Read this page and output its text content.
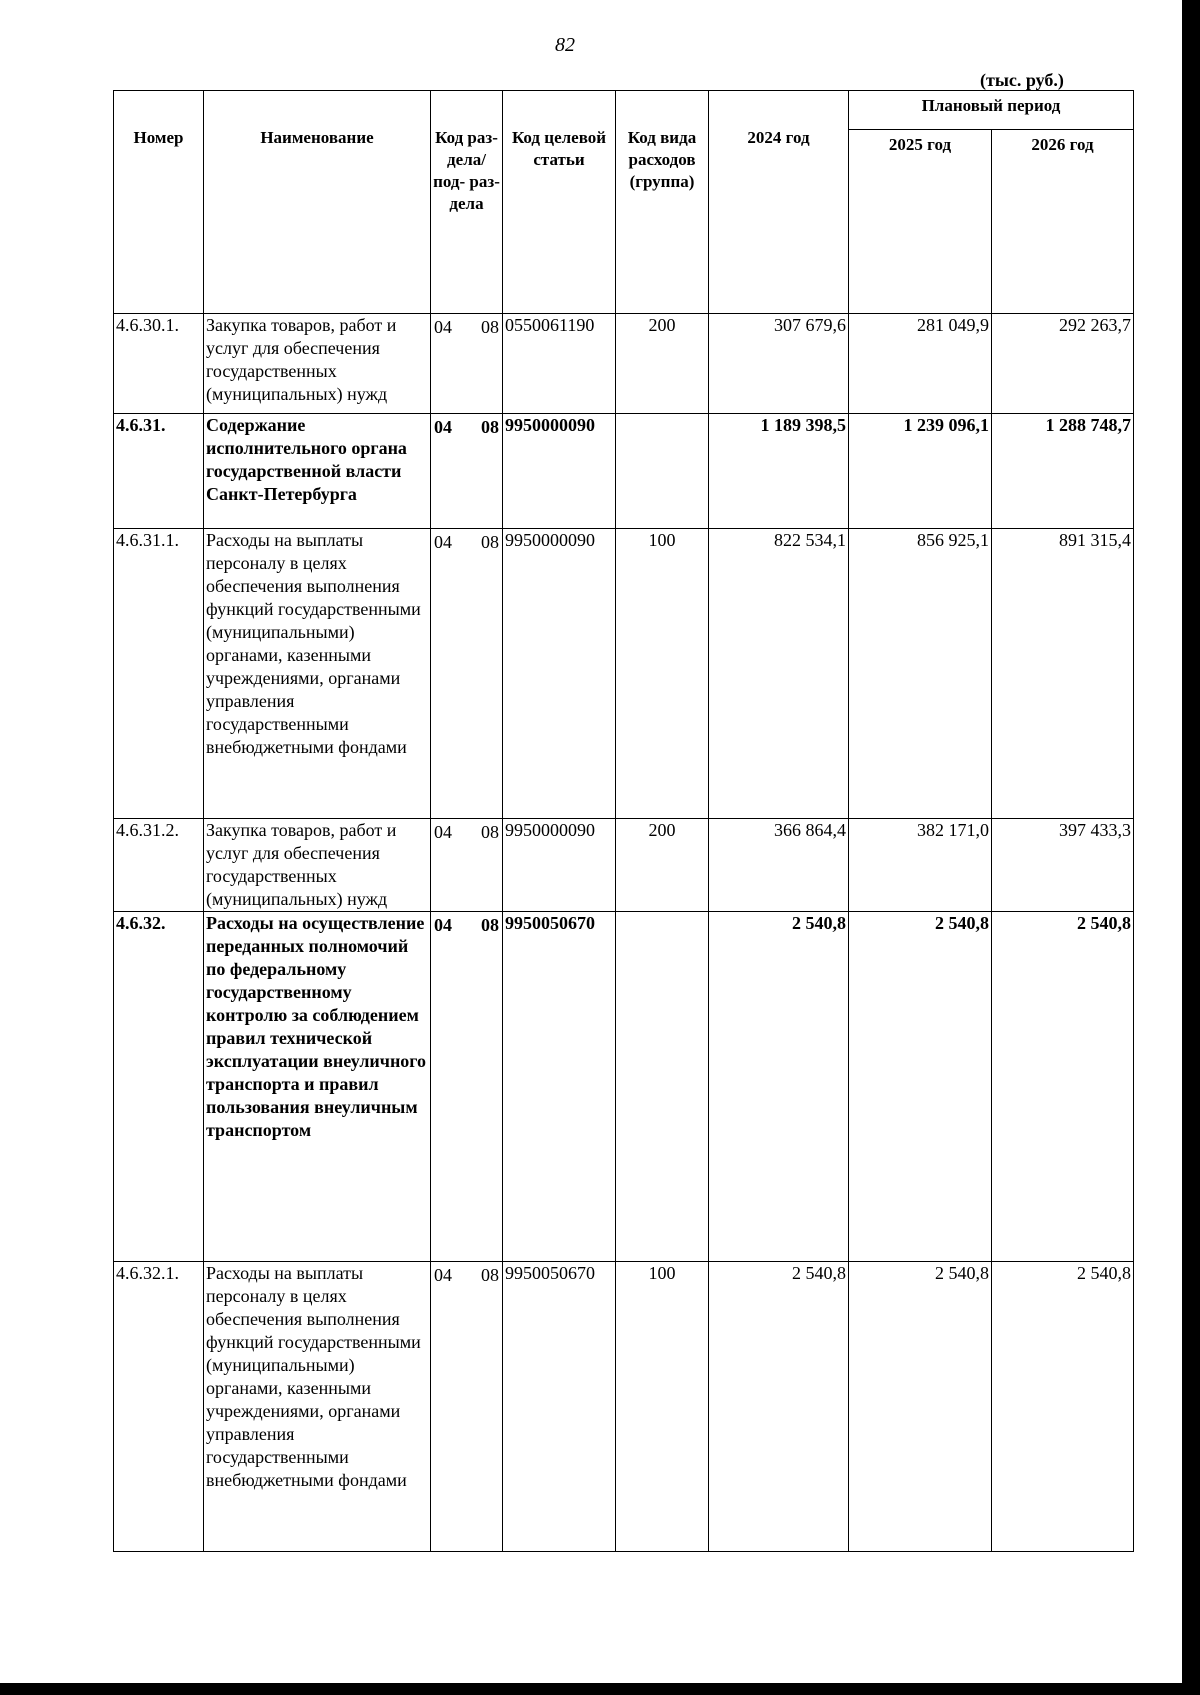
82
(тыс. руб.)
Номер	Наименование	Код раз- дела/ под- раз- дела	Код целевой статьи	Код вида расходов (группа)	2024 год	Плановый период	
						2025 год	2026 год
4.6.30.1.	Закупка товаров, работ и услуг для обеспечения государственных (муниципальных) нужд	04 08	0550061190	200	307 679,6	281 049,9	292 263,7
4.6.31.	Содержание исполнительного органа государственной власти Санкт-Петербурга	04 08	9950000090		1 189 398,5	1 239 096,1	1 288 748,7
4.6.31.1.	Расходы на выплаты персоналу в целях обеспечения выполнения функций государственными (муниципальными) органами, казенными учреждениями, органами управления государственными внебюджетными фондами	04 08	9950000090	100	822 534,1	856 925,1	891 315,4
4.6.31.2.	Закупка товаров, работ и услуг для обеспечения государственных (муниципальных) нужд	04 08	9950000090	200	366 864,4	382 171,0	397 433,3
4.6.32.	Расходы на осуществление переданных полномочий по федеральному государственному контролю за соблюдением правил технической эксплуатации внеуличного транспорта и правил пользования внеуличным транспортом	04 08	9950050670		2 540,8	2 540,8	2 540,8
4.6.32.1.	Расходы на выплаты персоналу в целях обеспечения выполнения функций государственными (муниципальными) органами, казенными учреждениями, органами управления государственными внебюджетными фондами	04 08	9950050670	100	2 540,8	2 540,8	2 540,8
